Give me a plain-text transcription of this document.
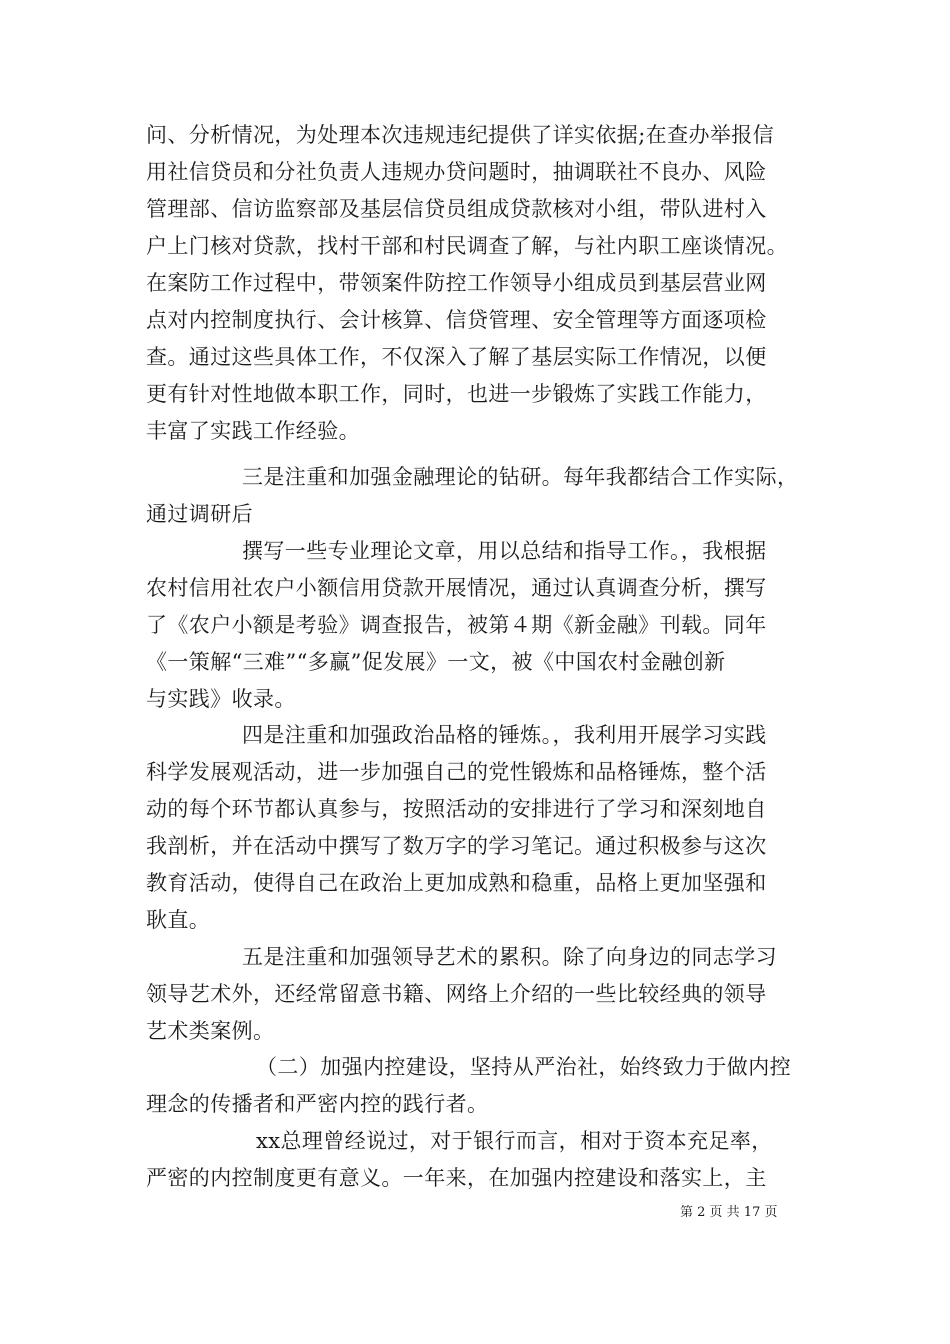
问、分析情况，为处理本次违规违纪提供了详实依据;在查办举报信
用社信贷员和分社负责人违规办贷问题时，抽调联社不良办、风险
管理部、信访监察部及基层信贷员组成贷款核对小组，带队进村入
户上门核对贷款，找村干部和村民调查了解，与社内职工座谈情况。
在案防工作过程中，带领案件防控工作领导小组成员到基层营业网
点对内控制度执行、会计核算、信贷管理、安全管理等方面逐项检
查。通过这些具体工作，不仅深入了解了基层实际工作情况，以便
更有针对性地做本职工作，同时，也进一步锻炼了实践工作能力，
丰富了实践工作经验。
三是注重和加强金融理论的钻研。每年我都结合工作实际，
通过调研后
撰写一些专业理论文章，用以总结和指导工作。，我根据
农村信用社农户小额信用贷款开展情况，通过认真调查分析，撰写
了《农户小额是考验》调查报告，被第４期《新金融》刊载。同年
《一策解“三难”“多赢”促发展》一文，被《中国农村金融创新
与实践》收录。
四是注重和加强政治品格的锤炼。，我利用开展学习实践
科学发展观活动，进一步加强自己的党性锻炼和品格锤炼，整个活
动的每个环节都认真参与，按照活动的安排进行了学习和深刻地自
我剖析，并在活动中撰写了数万字的学习笔记。通过积极参与这次
教育活动，使得自己在政治上更加成熟和稳重，品格上更加坚强和
耿直。
五是注重和加强领导艺术的累积。除了向身边的同志学习
领导艺术外，还经常留意书籍、网络上介绍的一些比较经典的领导
艺术类案例。
（二）加强内控建设，坚持从严治社，始终致力于做内控
理念的传播者和严密内控的践行者。
xx总理曾经说过，对于银行而言，相对于资本充足率，
严密的内控制度更有意义。一年来，在加强内控建设和落实上，主
第 2 页 共 17 页
